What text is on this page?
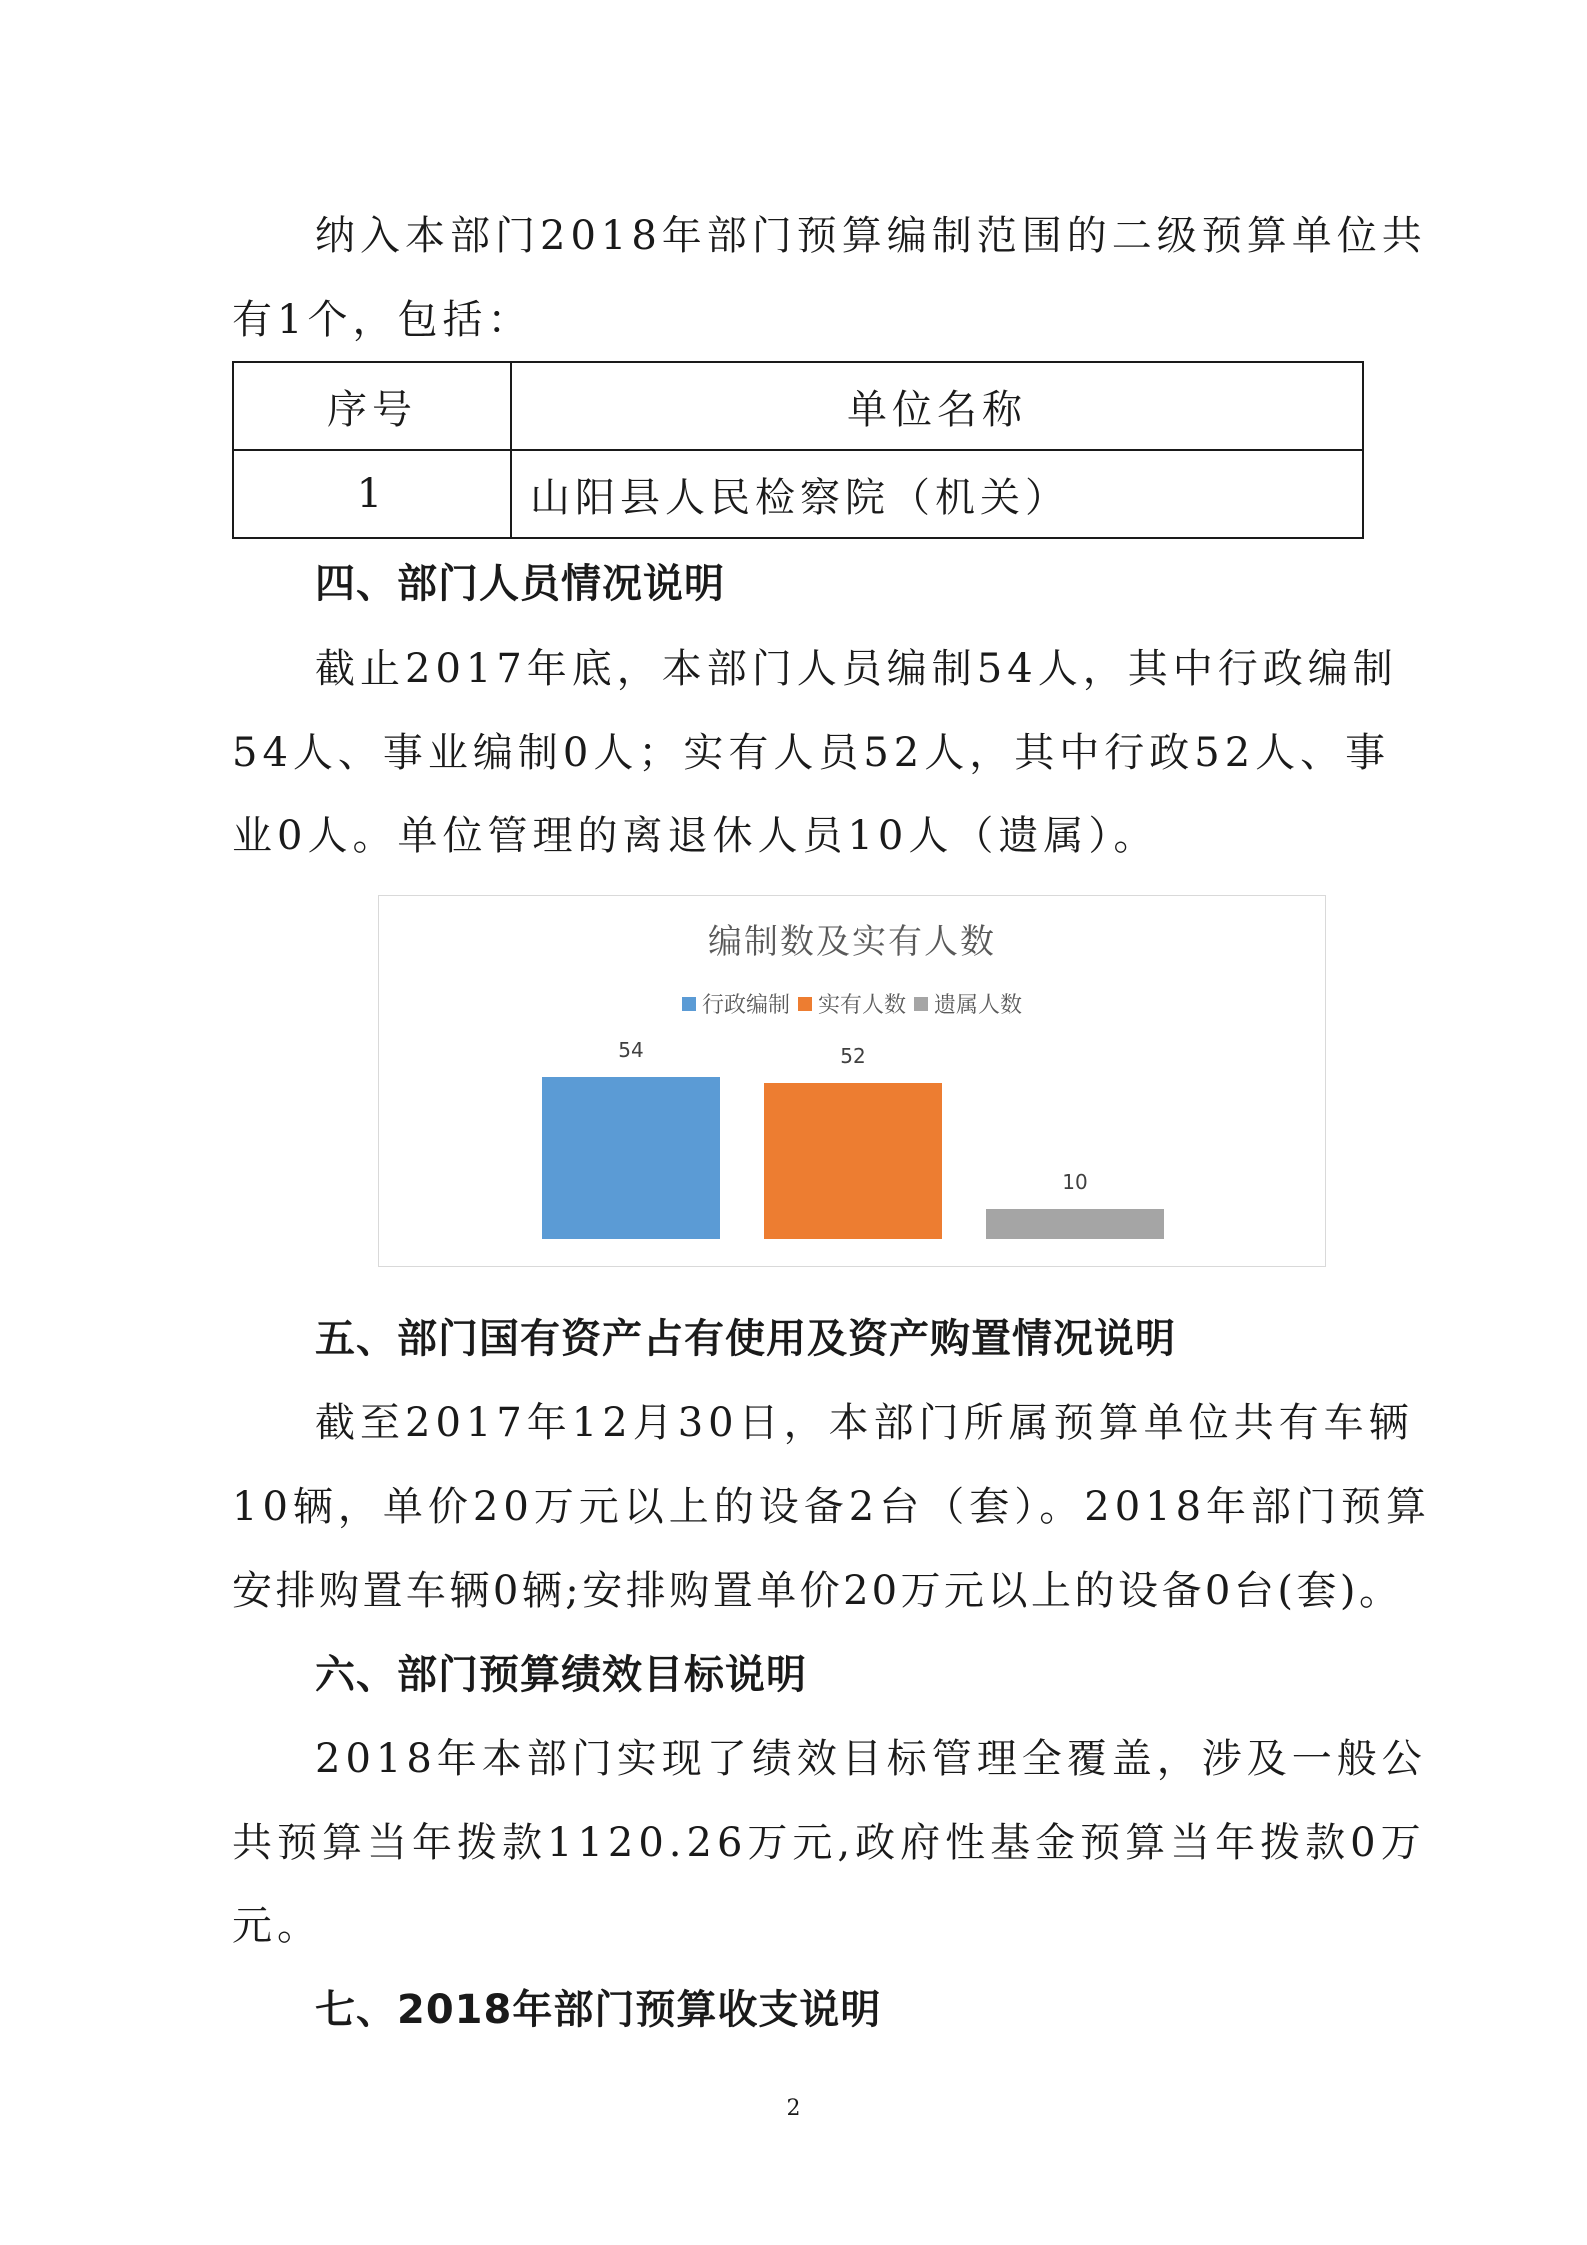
纳入本部门2018年部门预算编制范围的二级预算单位共
有1个，包括：
序号	单位名称
1	山阳县人民检察院（机关）
四、部门人员情况说明
截止2017年底，本部门人员编制54人，其中行政编制
54人、事业编制0人；实有人员52人，其中行政52人、事
业0人。单位管理的离退休人员10人（遗属）。
编制数及实有人数
行政编制 实有人数 遗属人数
54	52
10
五、部门国有资产占有使用及资产购置情况说明
截至2017年12月30日，本部门所属预算单位共有车辆
10辆，单价20万元以上的设备2台（套）。2018年部门预算
安排购置车辆0辆;安排购置单价20万元以上的设备0台(套)。
六、部门预算绩效目标说明
2018年本部门实现了绩效目标管理全覆盖，涉及一般公
共预算当年拨款1120.26万元,政府性基金预算当年拨款0万
元。
七、2018年部门预算收支说明
2
